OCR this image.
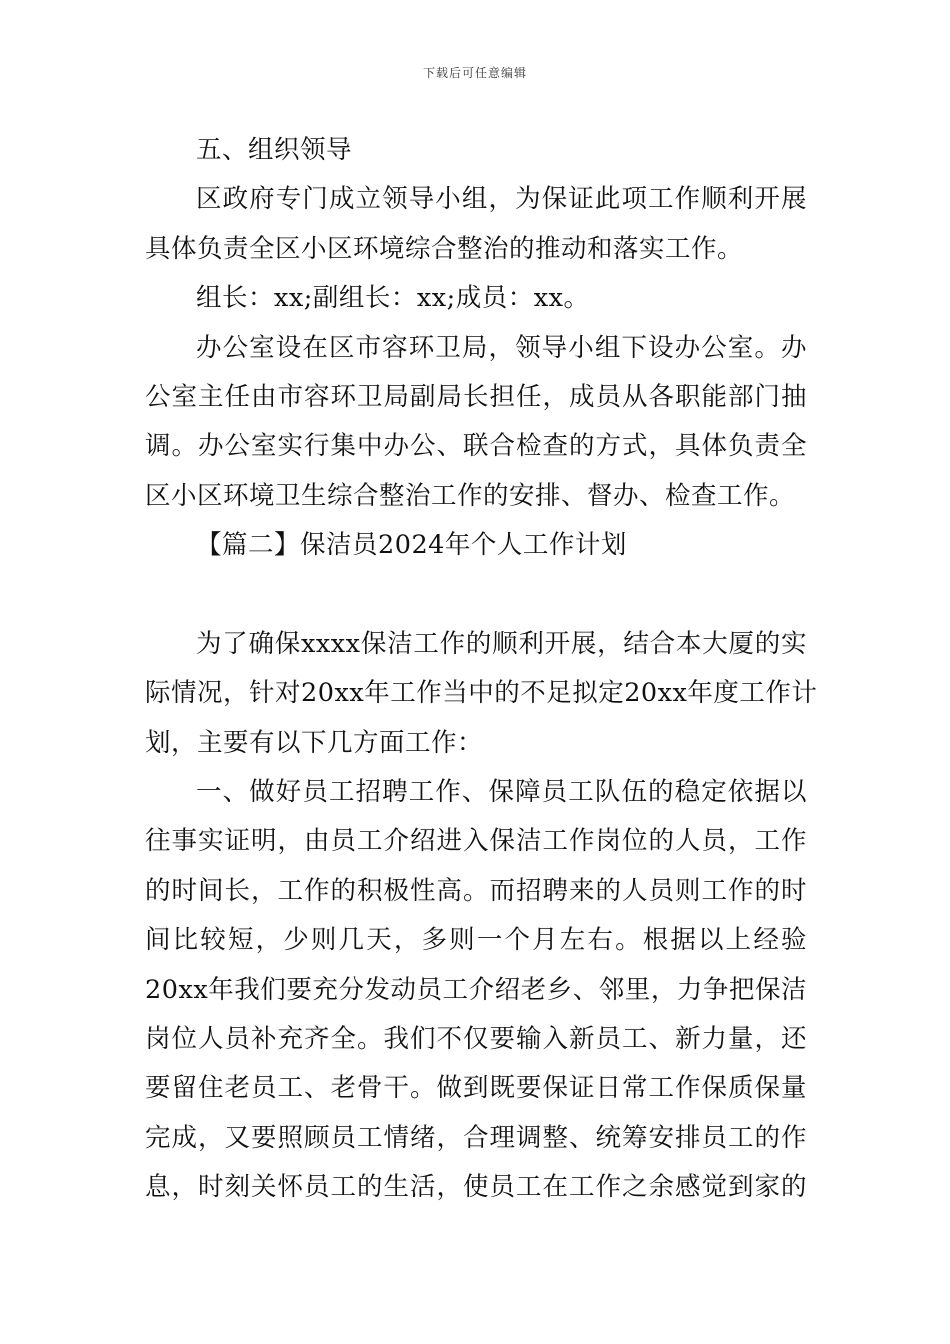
下载后可任意编辑
五、组织领导
区政府专门成立领导小组，为保证此项工作顺利开展
具体负责全区小区环境综合整治的推动和落实工作。
组长：xx;副组长：xx;成员：xx。
办公室设在区市容环卫局，领导小组下设办公室。办
公室主任由市容环卫局副局长担任，成员从各职能部门抽
调。办公室实行集中办公、联合检查的方式，具体负责全
区小区环境卫生综合整治工作的安排、督办、检查工作。
【篇二】保洁员2024年个人工作计划
为了确保xxxx保洁工作的顺利开展，结合本大厦的实
际情况，针对20xx年工作当中的不足拟定20xx年度工作计
划，主要有以下几方面工作：
一、做好员工招聘工作、保障员工队伍的稳定依据以
往事实证明，由员工介绍进入保洁工作岗位的人员，工作
的时间长，工作的积极性高。而招聘来的人员则工作的时
间比较短，少则几天，多则一个月左右。根据以上经验
20xx年我们要充分发动员工介绍老乡、邻里，力争把保洁
岗位人员补充齐全。我们不仅要输入新员工、新力量，还
要留住老员工、老骨干。做到既要保证日常工作保质保量
完成，又要照顾员工情绪，合理调整、统筹安排员工的作
息，时刻关怀员工的生活，使员工在工作之余感觉到家的
